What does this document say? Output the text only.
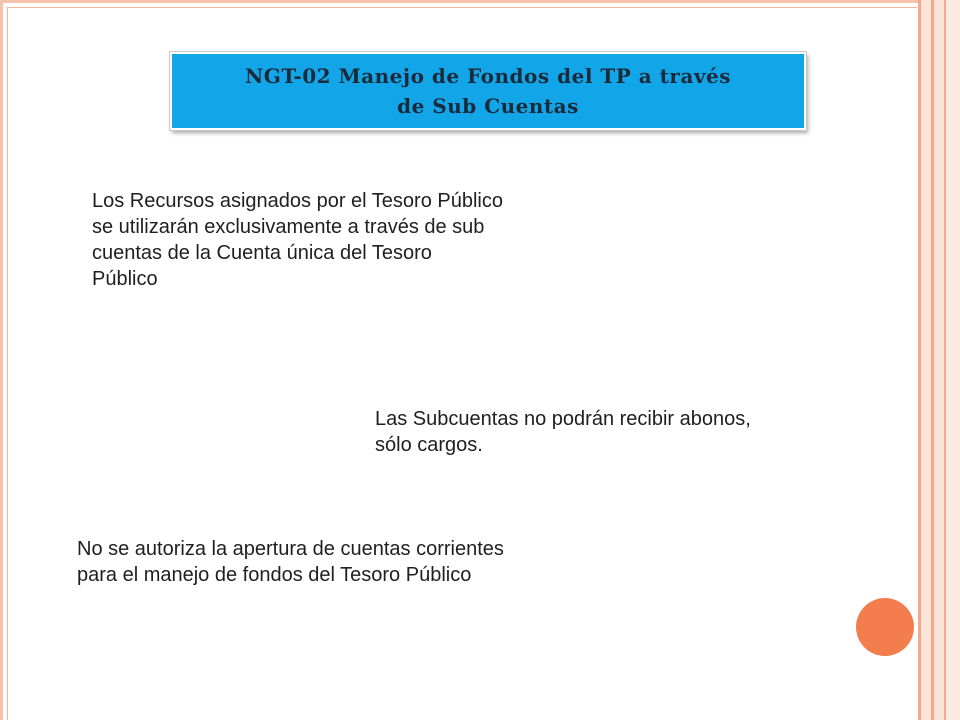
NGT-02 Manejo de Fondos del TP a través
de Sub Cuentas

Los Recursos asignados por el Tesoro Público
se utilizarán exclusivamente a través de sub
cuentas de la Cuenta única del Tesoro
Público

Las Subcuentas no podrán recibir abonos,
sólo cargos.

No se autoriza la apertura de cuentas corrientes
para el manejo de fondos del Tesoro Público
